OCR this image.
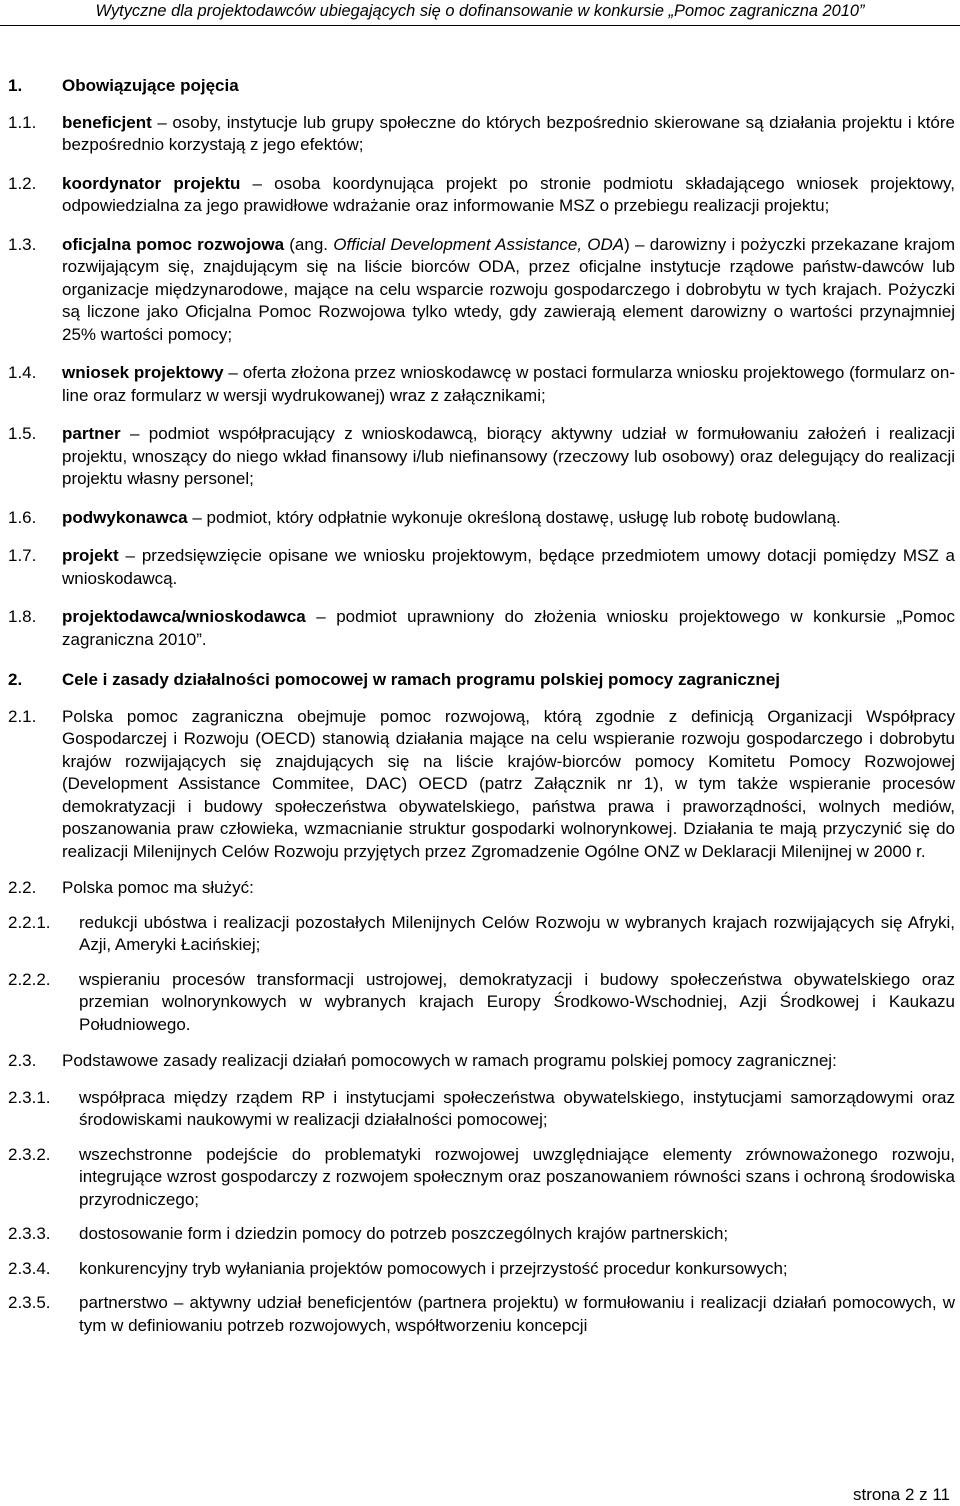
Wytyczne dla projektodawców ubiegających się o dofinansowanie w konkursie „Pomoc zagraniczna 2010”
1.	Obowiązujące pojęcia
1.1.	beneficjent – osoby, instytucje lub grupy społeczne do których bezpośrednio skierowane są działania projektu i które bezpośrednio korzystają z jego efektów;
1.2.	koordynator projektu – osoba koordynująca projekt po stronie podmiotu składającego wniosek projektowy, odpowiedzialna za jego prawidłowe wdrażanie oraz informowanie MSZ o przebiegu realizacji projektu;
1.3.	oficjalna pomoc rozwojowa (ang. Official Development Assistance, ODA) – darowizny i pożyczki przekazane krajom rozwijającym się, znajdującym się na liście biorców ODA, przez oficjalne instytucje rządowe państw-dawców lub organizacje międzynarodowe, mające na celu wsparcie rozwoju gospodarczego i dobrobytu w tych krajach. Pożyczki są liczone jako Oficjalna Pomoc Rozwojowa tylko wtedy, gdy zawierają element darowizny o wartości przynajmniej 25% wartości pomocy;
1.4.	wniosek projektowy – oferta złożona przez wnioskodawcę w postaci formularza wniosku projektowego (formularz on-line oraz formularz w wersji wydrukowanej) wraz z załącznikami;
1.5.	partner – podmiot współpracujący z wnioskodawcą, biorący aktywny udział w formułowaniu założeń i realizacji projektu, wnoszący do niego wkład finansowy i/lub niefinansowy (rzeczowy lub osobowy) oraz delegujący do realizacji projektu własny personel;
1.6.	podwykonawca – podmiot, który odpłatnie wykonuje określoną dostawę, usługę lub robotę budowlaną.
1.7.	projekt – przedsięwzięcie opisane we wniosku projektowym, będące przedmiotem umowy dotacji pomiędzy MSZ a wnioskodawcą.
1.8.	projektodawca/wnioskodawca – podmiot uprawniony do złożenia wniosku projektowego w konkursie „Pomoc zagraniczna 2010”.
2.	Cele i zasady działalności pomocowej w ramach programu polskiej pomocy zagranicznej
2.1.	Polska pomoc zagraniczna obejmuje pomoc rozwojową, którą zgodnie z definicją Organizacji Współpracy Gospodarczej i Rozwoju (OECD) stanowią działania mające na celu wspieranie rozwoju gospodarczego i dobrobytu krajów rozwijających się znajdujących się na liście krajów-biorców pomocy Komitetu Pomocy Rozwojowej (Development Assistance Commitee, DAC) OECD (patrz Załącznik nr 1), w tym także wspieranie procesów demokratyzacji i budowy społeczeństwa obywatelskiego, państwa prawa i praworządności, wolnych mediów, poszanowania praw człowieka, wzmacnianie struktur gospodarki wolnorynkowej. Działania te mają przyczynić się do realizacji Milenijnych Celów Rozwoju przyjętych przez Zgromadzenie Ogólne ONZ w Deklaracji Milenijnej w 2000 r.
2.2.	Polska pomoc ma służyć:
2.2.1.	redukcji ubóstwa i realizacji pozostałych Milenijnych Celów Rozwoju w wybranych krajach rozwijających się Afryki, Azji, Ameryki Łacińskiej;
2.2.2.	wspieraniu procesów transformacji ustrojowej, demokratyzacji i budowy społeczeństwa obywatelskiego oraz przemian wolnorynkowych w wybranych krajach Europy Środkowo-Wschodniej, Azji Środkowej i Kaukazu Południowego.
2.3.	Podstawowe zasady realizacji działań pomocowych w ramach programu polskiej pomocy zagranicznej:
2.3.1.	współpraca między rządem RP i instytucjami społeczeństwa obywatelskiego, instytucjami samorządowymi oraz środowiskami naukowymi w realizacji działalności pomocowej;
2.3.2.	wszechstronne podejście do problematyki rozwojowej uwzględniające elementy zrównoważonego rozwoju, integrujące wzrost gospodarczy z rozwojem społecznym oraz poszanowaniem równości szans i ochroną środowiska przyrodniczego;
2.3.3.	dostosowanie form i dziedzin pomocy do potrzeb poszczególnych krajów partnerskich;
2.3.4.	konkurencyjny tryb wyłaniania projektów pomocowych i przejrzystość procedur konkursowych;
2.3.5.	partnerstwo – aktywny udział beneficjentów (partnera projektu) w formułowaniu i realizacji działań pomocowych, w tym w definiowaniu potrzeb rozwojowych, współtworzeniu koncepcji
strona 2 z 11
